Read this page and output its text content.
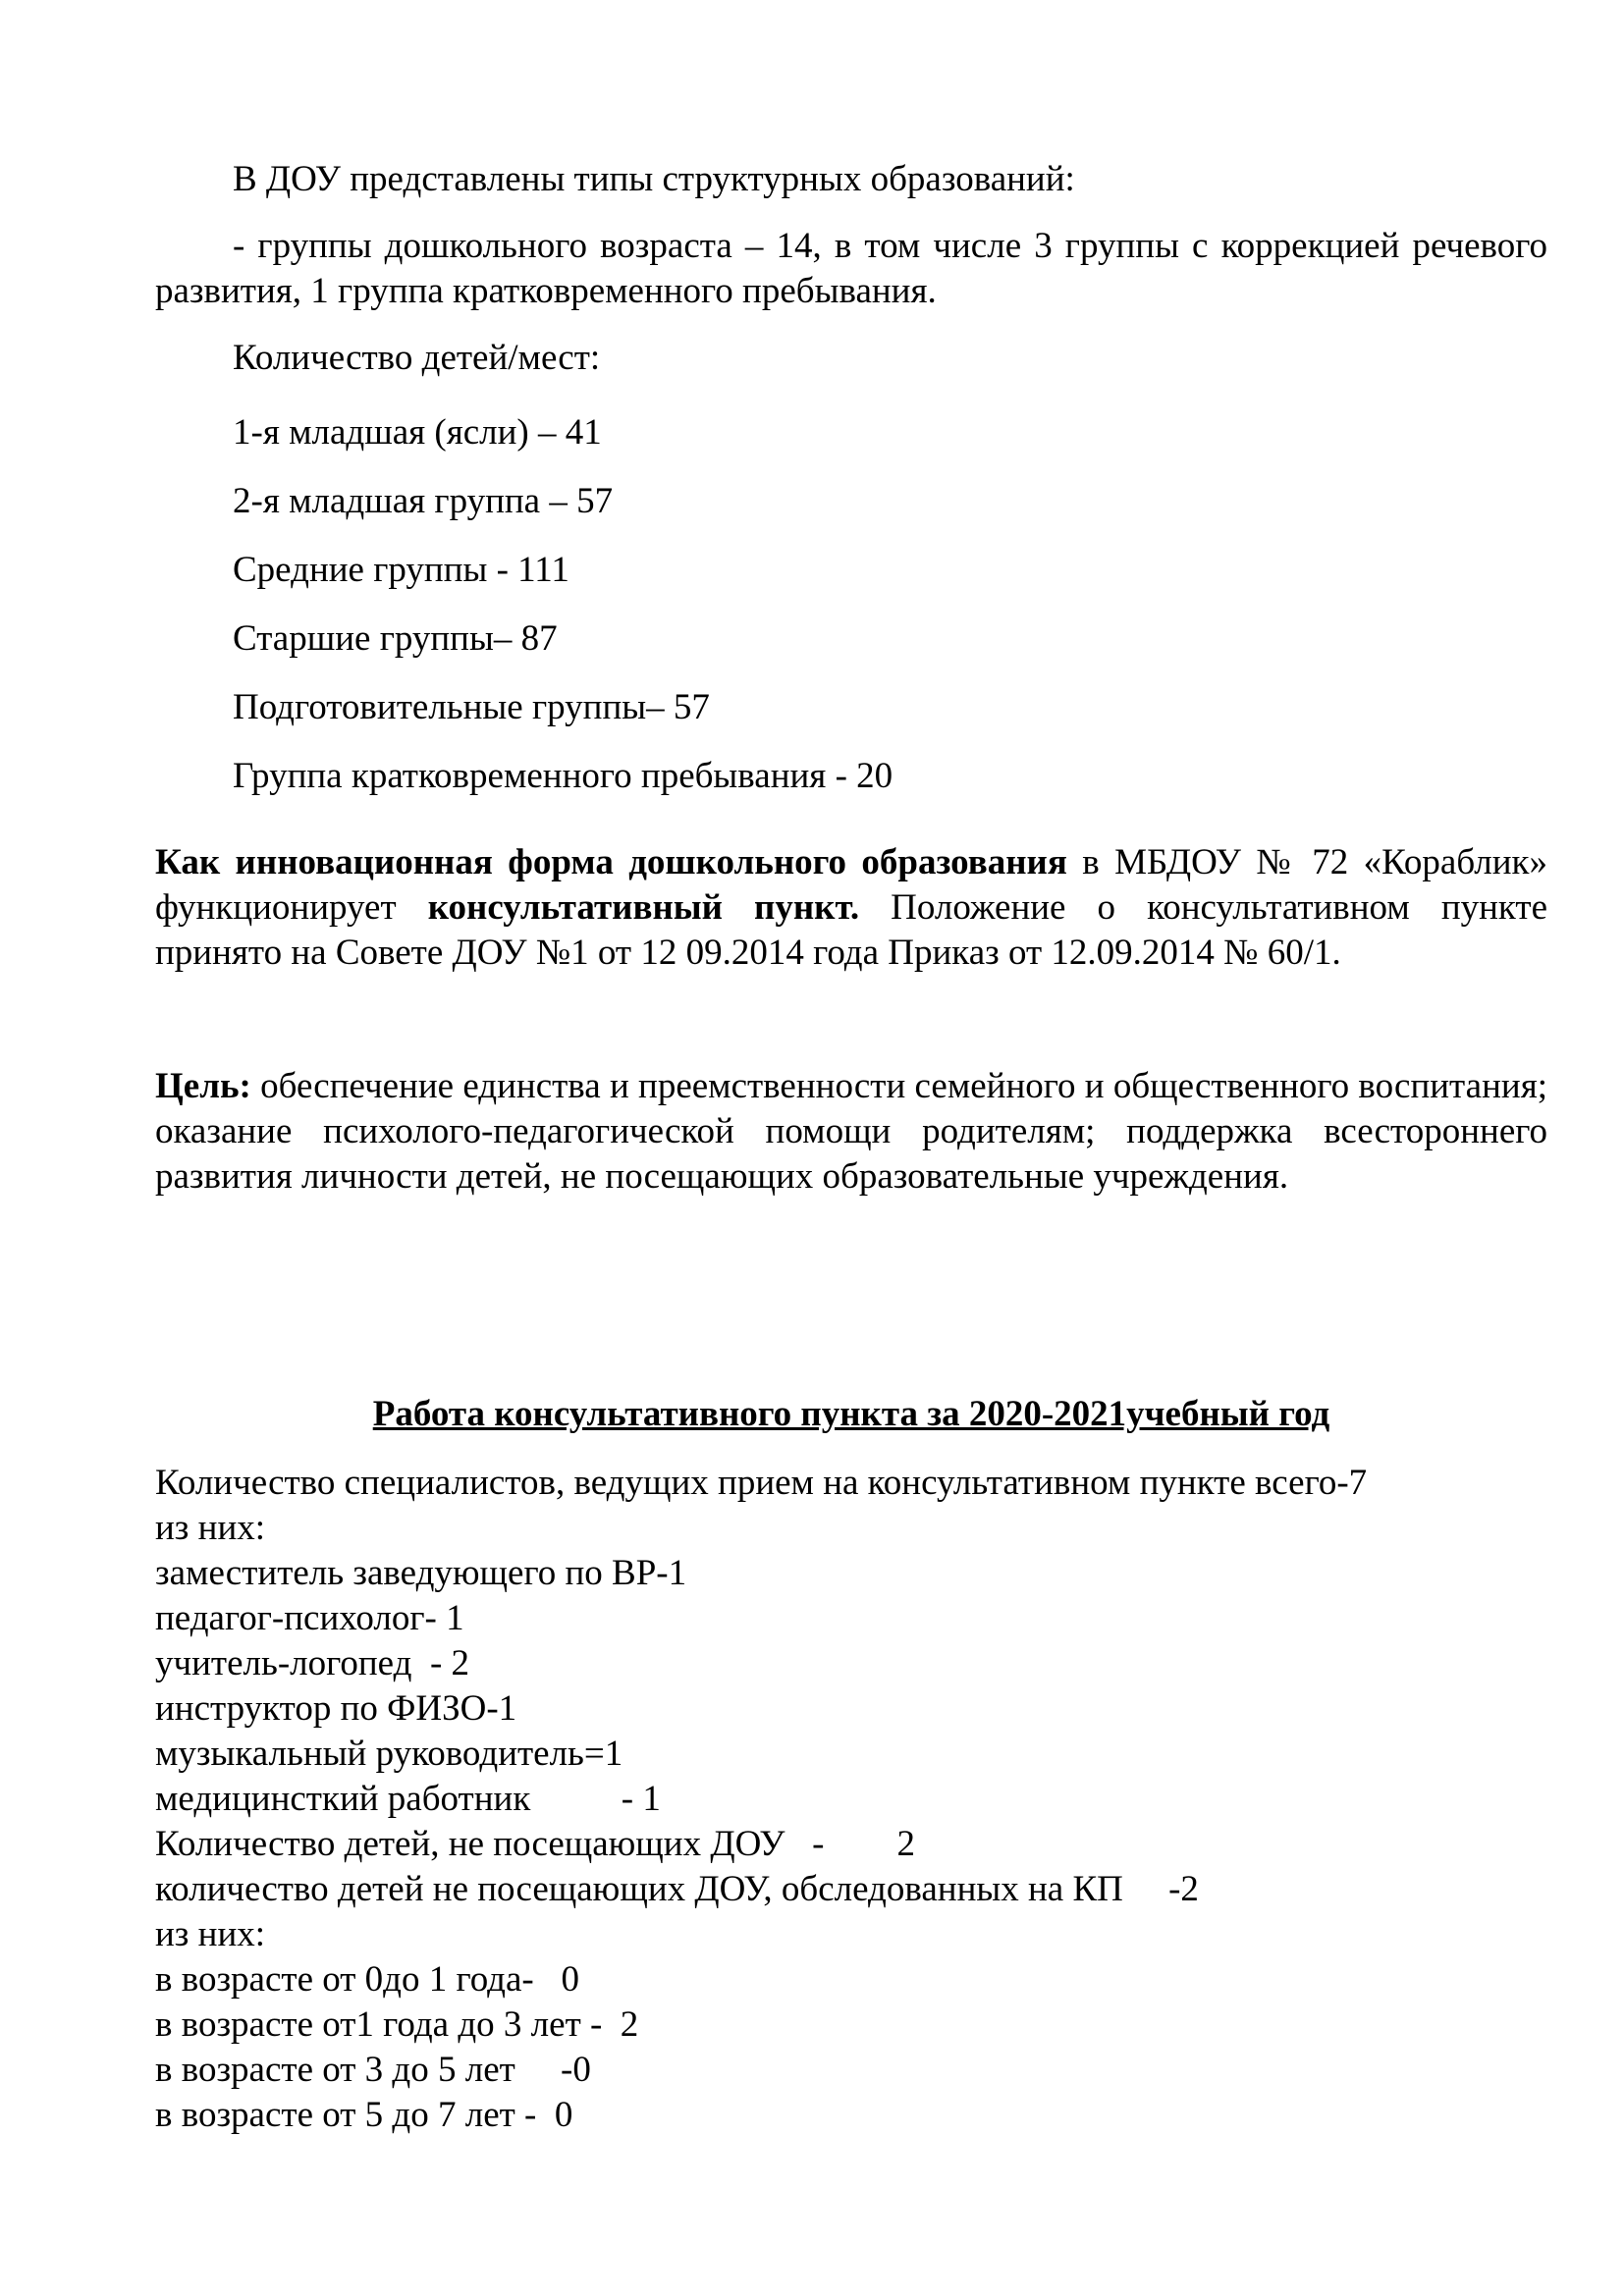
В ДОУ представлены типы структурных образований:

- группы дошкольного возраста – 14, в том числе 3 группы с коррекцией речевого развития, 1 группа кратковременного пребывания.

Количество детей/мест:
1-я младшая (ясли) – 41
2-я младшая группа – 57
Средние группы - 111
Старшие группы– 87
Подготовительные группы– 57
Группа кратковременного пребывания - 20

Как инновационная форма дошкольного образования в МБДОУ № 72 «Кораблик» функционирует консультативный пункт. Положение о консультативном пункте принято на Совете ДОУ №1 от 12 09.2014 года Приказ от 12.09.2014 № 60/1.

Цель: обеспечение единства и преемственности семейного и общественного воспитания; оказание психолого-педагогической помощи родителям; поддержка всестороннего развития личности детей, не посещающих образовательные учреждения.

Работа консультативного пункта за 2020-2021учебный год
Количество специалистов, ведущих прием на консультативном пункте всего-7
из них:
заместитель заведующего по ВР-1
педагог-психолог- 1
учитель-логопед  - 2
инструктор по ФИЗО-1
музыкальный руководитель=1
медицинсткий работник          - 1
Количество детей, не посещающих ДОУ   -        2
количество детей не посещающих ДОУ, обследованных на КП     -2
из них:
в возрасте от 0до 1 года-   0
в возрасте от1 года до 3 лет -  2
в возрасте от 3 до 5 лет     -0
в возрасте от 5 до 7 лет -  0
